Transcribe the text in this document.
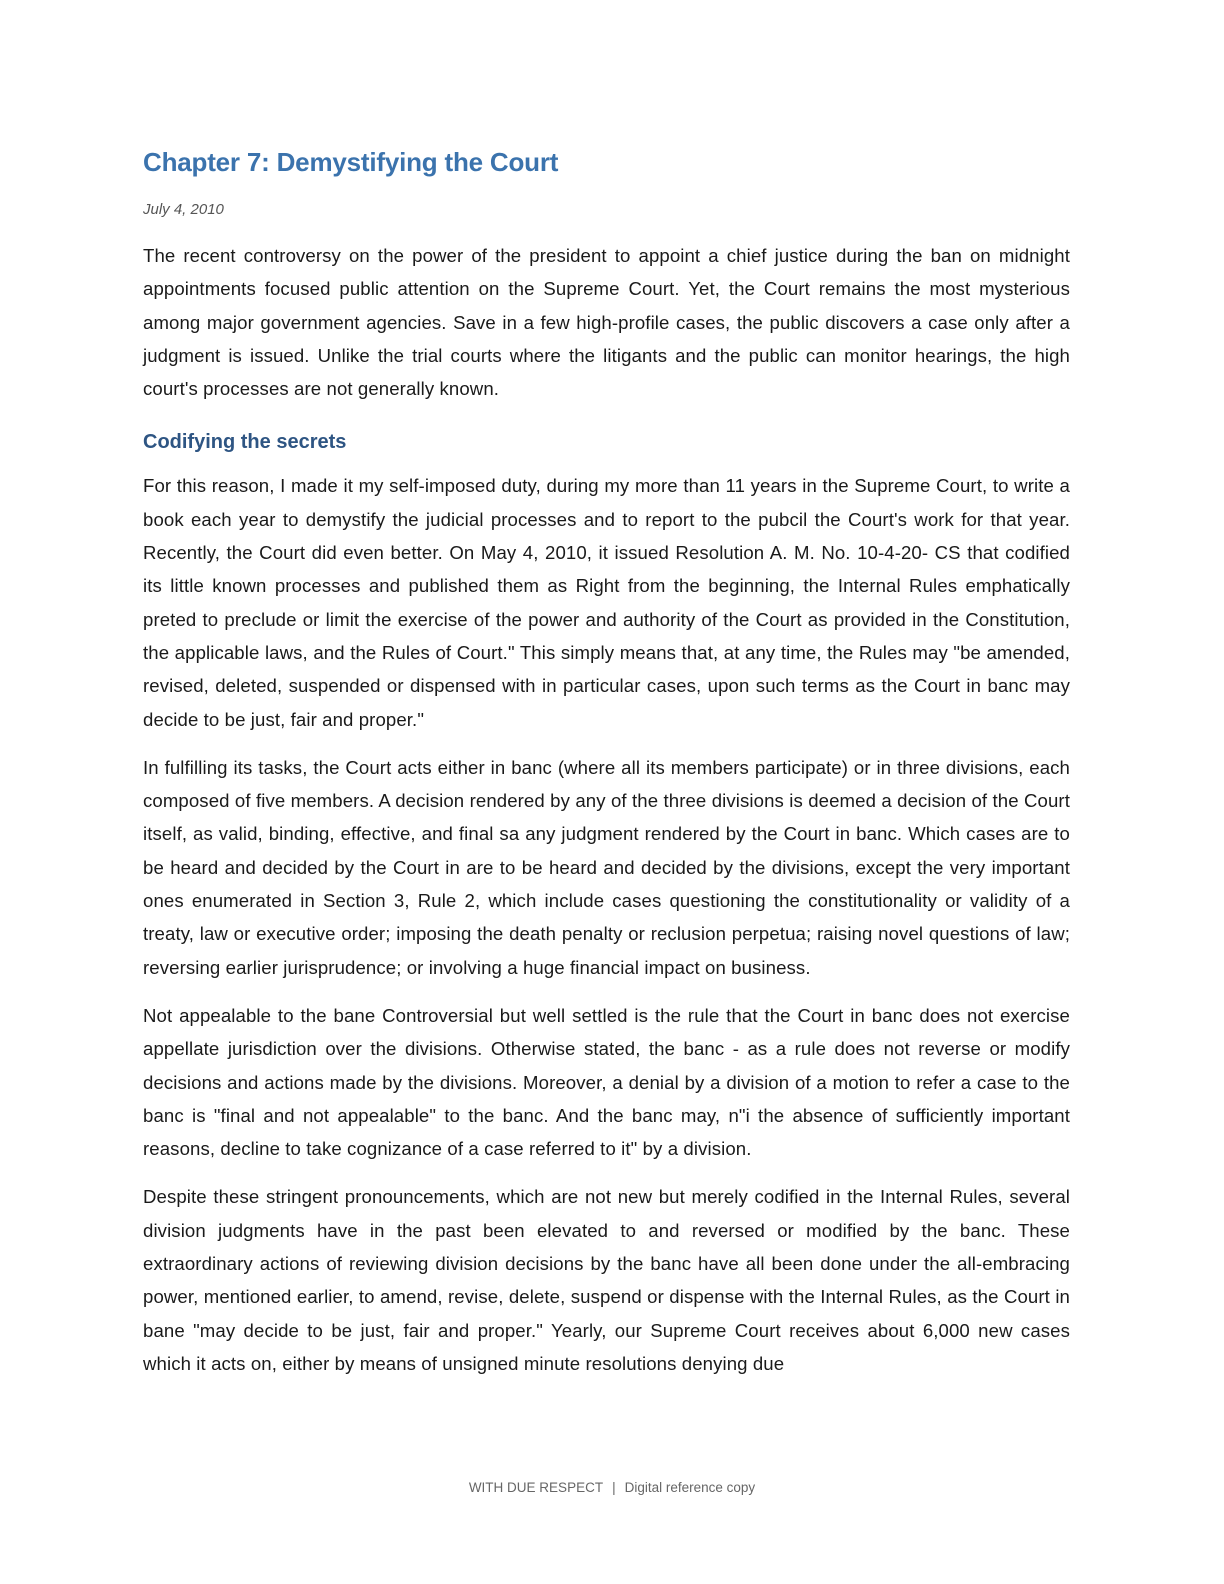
Chapter 7: Demystifying the Court
July 4, 2010

The recent controversy on the power of the president to appoint a chief justice during the ban on midnight appointments focused public attention on the Supreme Court. Yet, the Court remains the most mysterious among major government agencies. Save in a few high-profile cases, the public discovers a case only after a judgment is issued. Unlike the trial courts where the litigants and the public can monitor hearings, the high court's processes are not generally known.

Codifying the secrets

For this reason, I made it my self-imposed duty, during my more than 11 years in the Supreme Court, to write a book each year to demystify the judicial processes and to report to the pubcil the Court's work for that year. Recently, the Court did even better. On May 4, 2010, it issued Resolution A. M. No. 10-4-20- CS that codified its little known processes and published them as Right from the beginning, the Internal Rules emphatically preted to preclude or limit the exercise of the power and authority of the Court as provided in the Constitution, the applicable laws, and the Rules of Court." This simply means that, at any time, the Rules may "be amended, revised, deleted, suspended or dispensed with in particular cases, upon such terms as the Court in banc may decide to be just, fair and proper."

In fulfilling its tasks, the Court acts either in banc (where all its members participate) or in three divisions, each composed of five members. A decision rendered by any of the three divisions is deemed a decision of the Court itself, as valid, binding, effective, and final sa any judgment rendered by the Court in banc. Which cases are to be heard and decided by the Court in are to be heard and decided by the divisions, except the very important ones enumerated in Section 3, Rule 2, which include cases questioning the constitutionality or validity of a treaty, law or executive order; imposing the death penalty or reclusion perpetua; raising novel questions of law; reversing earlier jurisprudence; or involving a huge financial impact on business.

Not appealable to the bane Controversial but well settled is the rule that the Court in banc does not exercise appellate jurisdiction over the divisions. Otherwise stated, the banc - as a rule does not reverse or modify decisions and actions made by the divisions. Moreover, a denial by a division of a motion to refer a case to the banc is "final and not appealable" to the banc. And the banc may, n"i the absence of sufficiently important reasons, decline to take cognizance of a case referred to it" by a division.

Despite these stringent pronouncements, which are not new but merely codified in the Internal Rules, several division judgments have in the past been elevated to and reversed or modified by the banc. These extraordinary actions of reviewing division decisions by the banc have all been done under the all-embracing power, mentioned earlier, to amend, revise, delete, suspend or dispense with the Internal Rules, as the Court in bane "may decide to be just, fair and proper." Yearly, our Supreme Court receives about 6,000 new cases which it acts on, either by means of unsigned minute resolutions denying due

WITH DUE RESPECT | Digital reference copy
